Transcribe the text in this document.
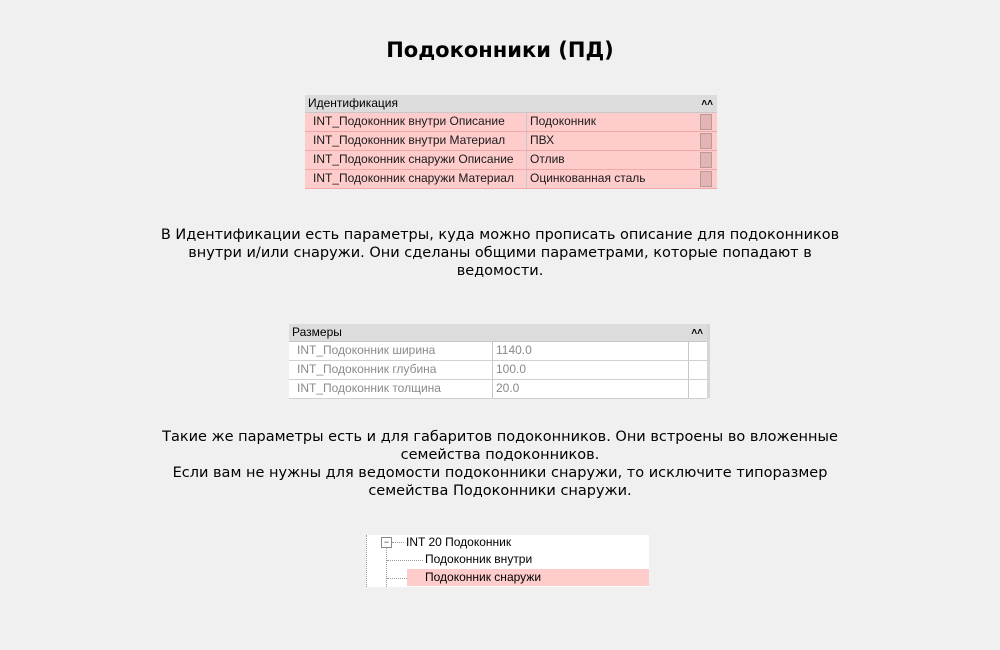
Подоконники (ПД)
Идентификация	˄˄
INT_Подоконник внутри Описание	Подоконник
INT_Подоконник внутри Материал	ПВХ
INT_Подоконник снаружи Описание	Отлив
INT_Подоконник снаружи Материал	Оцинкованная сталь
В Идентификации есть параметры, куда можно прописать описание для подоконников
внутри и/или снаружи. Они сделаны общими параметрами, которые попадают в
ведомости.
Размеры	˄˄
INT_Подоконник ширина	1140.0
INT_Подоконник глубина	100.0
INT_Подоконник толщина	20.0
Такие же параметры есть и для габаритов подоконников. Они встроены во вложенные
семейства подоконников.
Если вам не нужны для ведомости подоконники снаружи, то исключите типоразмер
семейства Подоконники снаружи.
− INT 20 Подоконник
Подоконник внутри
Подоконник снаружи
